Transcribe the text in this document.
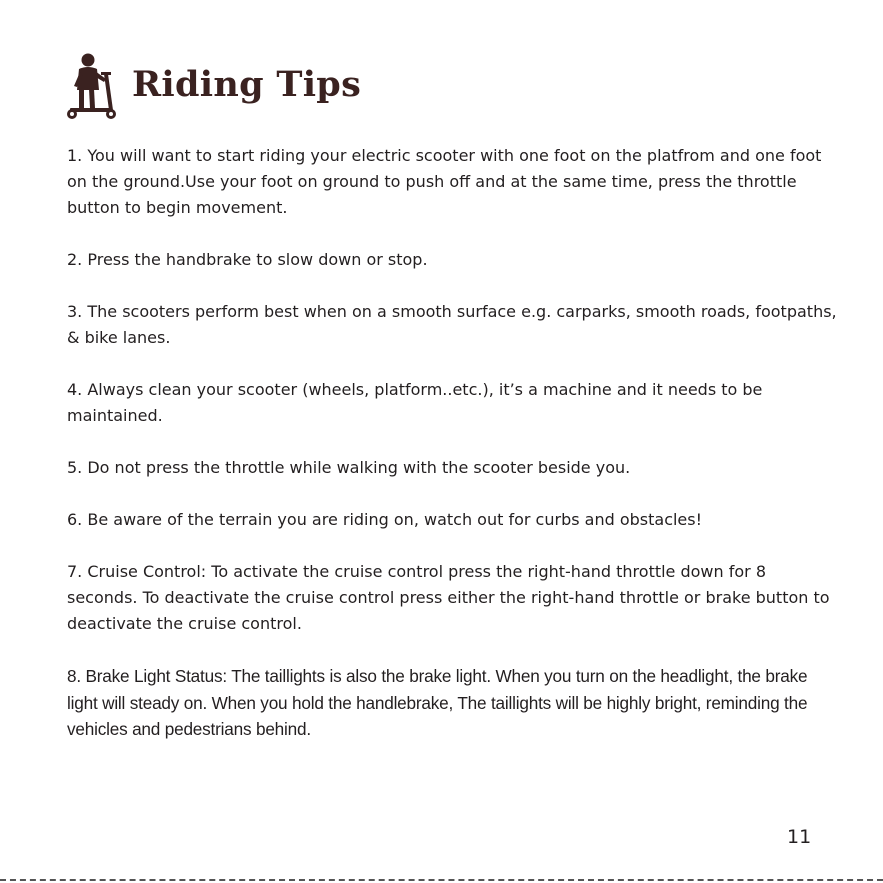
Riding Tips

1. You will want to start riding your electric scooter with one foot on the platfrom and one foot on the ground.Use your foot on ground to push off and at the same time, press the throttle button to begin movement.

2. Press the handbrake to slow down or stop.

3. The scooters perform best when on a smooth surface e.g. carparks, smooth roads, footpaths, & bike lanes.

4. Always clean your scooter (wheels, platform..etc.), it’s a machine and it needs to be maintained.

5. Do not press the throttle while walking with the scooter beside you.

6. Be aware of the terrain you are riding on, watch out for curbs and obstacles!

7. Cruise Control: To activate the cruise control press the right-hand throttle down for 8 seconds. To deactivate the cruise control press either the right-hand throttle or brake button to deactivate the cruise control.

8. Brake Light Status: The taillights is also the brake light. When you turn on the headlight, the brake light will steady on. When you hold the handlebrake, The taillights will be highly bright, reminding the vehicles and pedestrians behind.

11
